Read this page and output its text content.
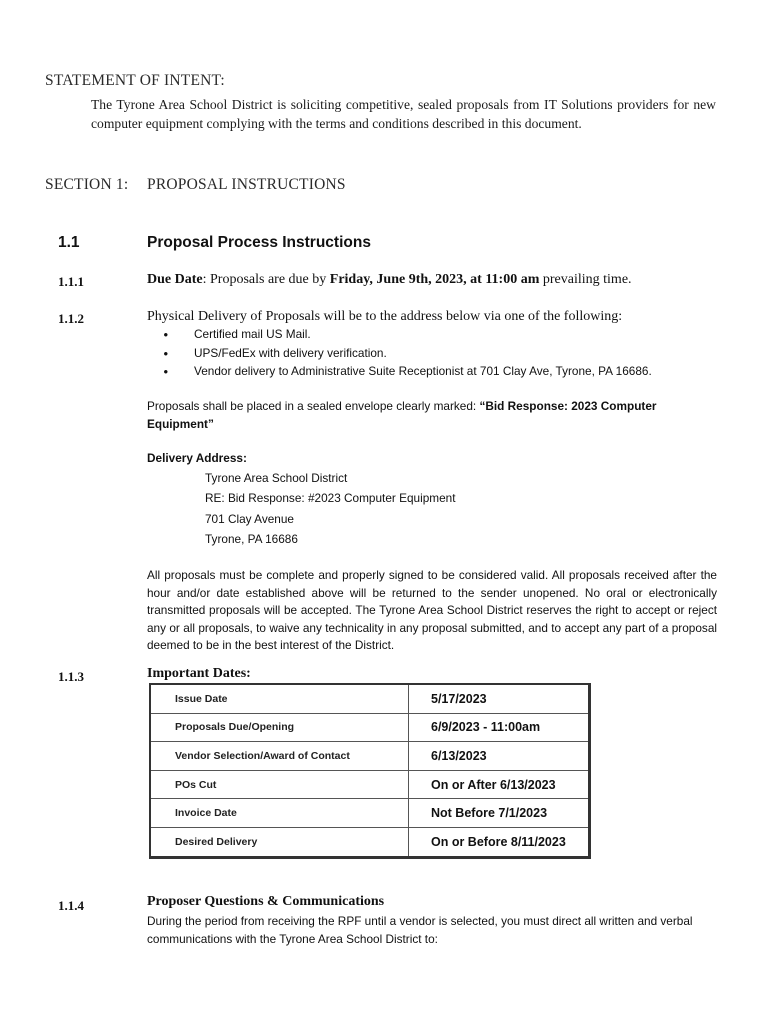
STATEMENT OF INTENT:

The Tyrone Area School District is soliciting competitive, sealed proposals from IT Solutions providers for new computer equipment complying with the terms and conditions described in this document.

SECTION 1: PROPOSAL INSTRUCTIONS
1.1	Proposal Process Instructions
1.1.1	Due Date: Proposals are due by Friday, June 9th, 2023, at 11:00 am prevailing time.
1.1.2	Physical Delivery of Proposals will be to the address below via one of the following:
• Certified mail US Mail.
• UPS/FedEx with delivery verification.
• Vendor delivery to Administrative Suite Receptionist at 701 Clay Ave, Tyrone, PA 16686.

Proposals shall be placed in a sealed envelope clearly marked: “Bid Response: 2023 Computer Equipment”

Delivery Address:
Tyrone Area School District
RE: Bid Response: #2023 Computer Equipment
701 Clay Avenue
Tyrone, PA 16686

All proposals must be complete and properly signed to be considered valid. All proposals received after the hour and/or date established above will be returned to the sender unopened. No oral or electronically transmitted proposals will be accepted. The Tyrone Area School District reserves the right to accept or reject any or all proposals, to waive any technicality in any proposal submitted, and to accept any part of a proposal deemed to be in the best interest of the District.

1.1.3	Important Dates:
Issue Date	5/17/2023
Proposals Due/Opening	6/9/2023 - 11:00am
Vendor Selection/Award of Contact	6/13/2023
POs Cut	On or After 6/13/2023
Invoice Date	Not Before 7/1/2023
Desired Delivery	On or Before 8/11/2023
1.1.4	Proposer Questions & Communications

During the period from receiving the RPF until a vendor is selected, you must direct all written and verbal communications with the Tyrone Area School District to:
